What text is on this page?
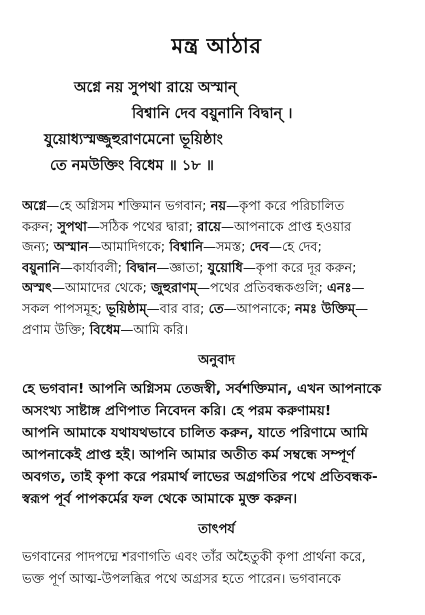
মন্ত্র আঠার
অগ্নে নয় সুপথা রায়ে অস্মান্
বিশ্বানি দেব বয়ুনানি বিদ্বান্ ।
যুয়োধ্যস্মজ্জুহুরাণমেনো ভূয়িষ্ঠাং
তে নমউক্তিং বিধেম ॥ ১৮ ॥
অগ্নে—হে অগ্নিসম শক্তিমান ভগবান; নয়—কৃপা করে পরিচালিত
করুন; সুপথা—সঠিক পথের দ্বারা; রায়ে—আপনাকে প্রাপ্ত হওয়ার
জন্য; অস্মান—আমাদিগকে; বিশ্বানি—সমস্ত; দেব—হে দেব;
বয়ুনানি—কার্যাবলী; বিদ্বান—জ্ঞাতা; যুয়োধি—কৃপা করে দূর করুন;
অস্মৎ—আমাদের থেকে; জুহুরাণম্—পথের প্রতিবন্ধকগুলি; এনঃ—
সকল পাপসমূহ; ভূয়িষ্ঠাম্—বার বার; তে—আপনাকে; নমঃ উক্তিম্—
প্রণাম উক্তি; বিধেম—আমি করি।
অনুবাদ
হে ভগবান! আপনি অগ্নিসম তেজস্বী, সর্বশক্তিমান, এখন আপনাকে
অসংখ্য সাষ্টাঙ্গ প্রণিপাত নিবেদন করি। হে পরম করুণাময়!
আপনি আমাকে যথাযথভাবে চালিত করুন, যাতে পরিণামে আমি
আপনাকেই প্রাপ্ত হই। আপনি আমার অতীত কর্ম সম্বন্ধে সম্পূর্ণ
অবগত, তাই কৃপা করে পরমার্থ লাভের অগ্রগতির পথে প্রতিবন্ধক-
স্বরূপ পূর্ব পাপকর্মের ফল থেকে আমাকে মুক্ত করুন।
তাৎপর্য
ভগবানের পাদপদ্মে শরণাগতি এবং তাঁর অহৈতুকী কৃপা প্রার্থনা করে,
ভক্ত পূর্ণ আত্ম-উপলব্ধির পথে অগ্রসর হতে পারেন। ভগবানকে
